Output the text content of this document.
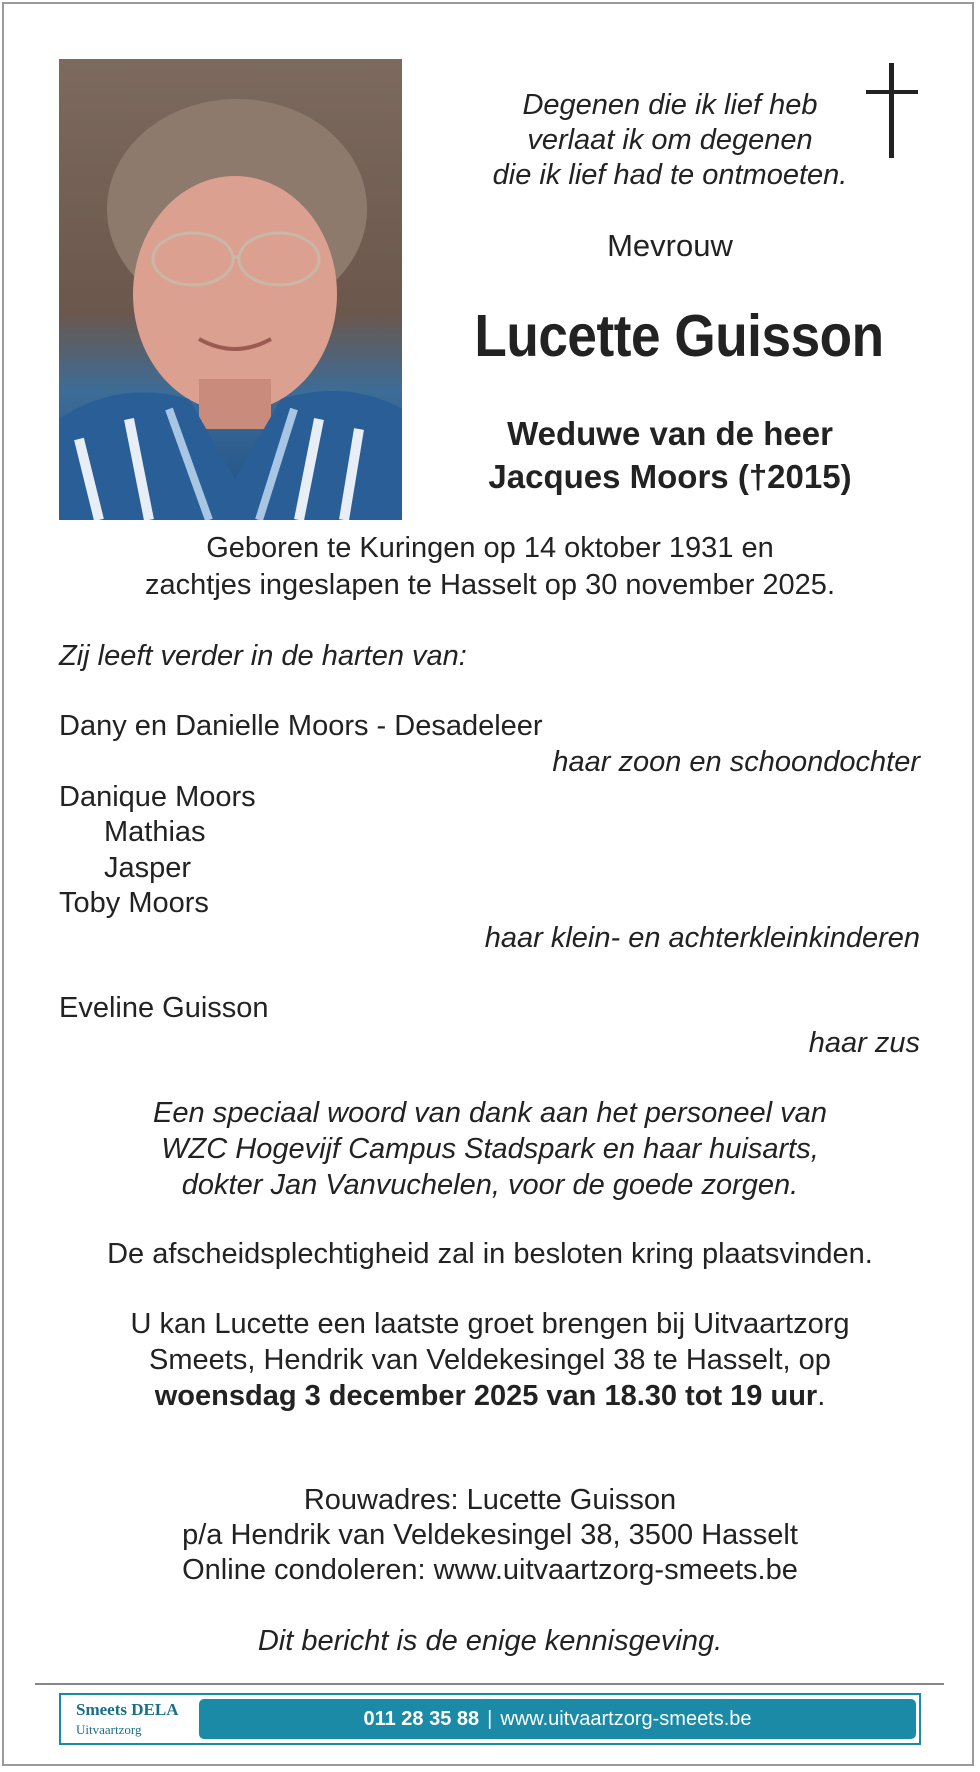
Degenen die ik lief heb
verlaat ik om degenen
die ik lief had te ontmoeten.
Mevrouw
Lucette Guisson
Weduwe van de heer
Jacques Moors (†2015)
Geboren te Kuringen op 14 oktober 1931 en
zachtjes ingeslapen te Hasselt op 30 november 2025.
Zij leeft verder in de harten van:
Dany en Danielle Moors - Desadeleer
haar zoon en schoondochter
Danique Moors
Mathias
Jasper
Toby Moors
haar klein- en achterkleinkinderen
Eveline Guisson
haar zus
Een speciaal woord van dank aan het personeel van
WZC Hogevijf Campus Stadspark en haar huisarts,
dokter Jan Vanvuchelen, voor de goede zorgen.
De afscheidsplechtigheid zal in besloten kring plaatsvinden.
U kan Lucette een laatste groet brengen bij Uitvaartzorg
Smeets, Hendrik van Veldekesingel 38 te Hasselt, op
woensdag 3 december 2025 van 18.30 tot 19 uur.
Rouwadres: Lucette Guisson
p/a Hendrik van Veldekesingel 38, 3500 Hasselt
Online condoleren: www.uitvaartzorg-smeets.be
Dit bericht is de enige kennisgeving.
Smeets DELA
Uitvaartzorg	011 28 35 88 | www.uitvaartzorg-smeets.be
